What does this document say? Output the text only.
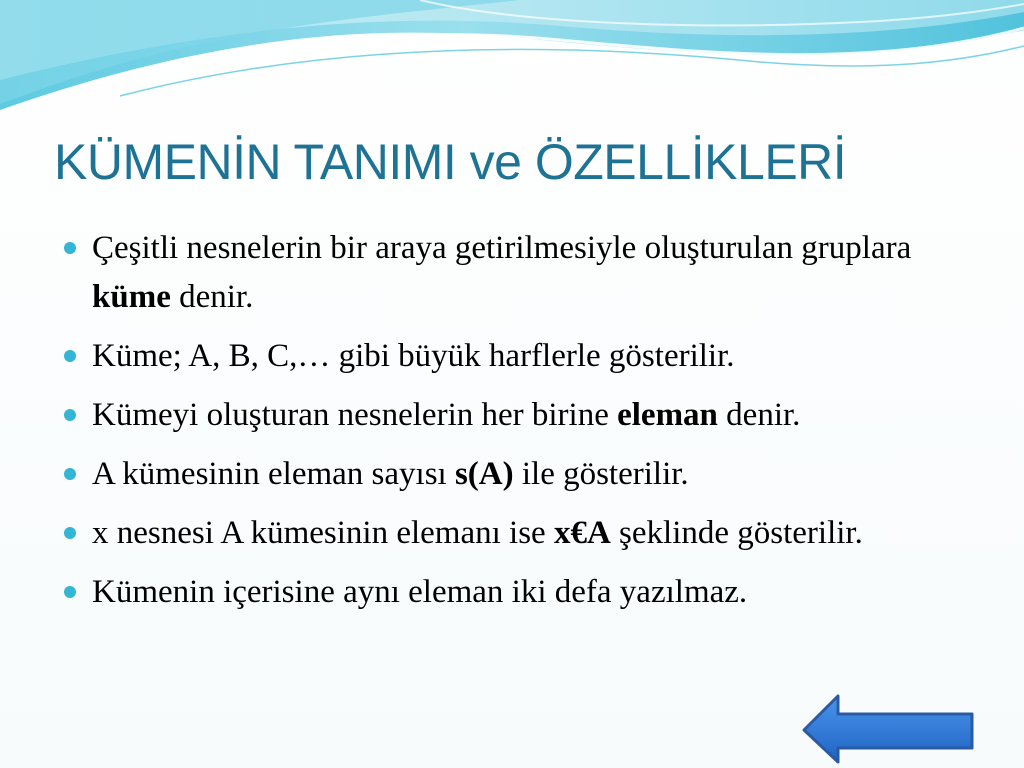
KÜMENİN TANIMI ve ÖZELLİKLERİ
Çeşitli nesnelerin bir araya getirilmesiyle oluşturulan gruplara küme denir.
Küme; A, B, C,… gibi büyük harflerle gösterilir.
Kümeyi oluşturan nesnelerin her birine eleman denir.
A kümesinin eleman sayısı s(A) ile gösterilir.
x nesnesi A kümesinin elemanı ise x€A şeklinde gösterilir.
Kümenin içerisine aynı eleman iki defa yazılmaz.
